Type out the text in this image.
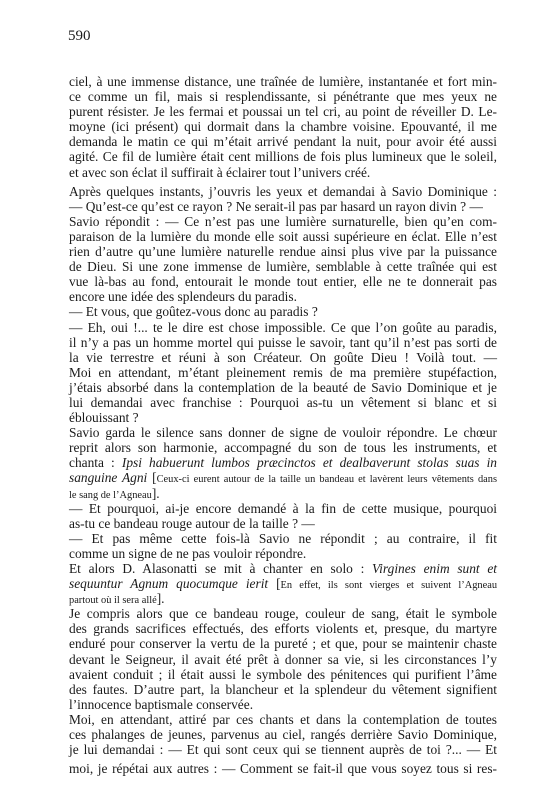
590
ciel, à une immense distance, une traînée de lumière, instantanée et fort min-
ce comme un fil, mais si resplendissante, si pénétrante que mes yeux ne
purent résister. Je les fermai et poussai un tel cri, au point de réveiller D. Le-
moyne (ici présent) qui dormait dans la chambre voisine. Epouvanté, il me
demanda le matin ce qui m’était arrivé pendant la nuit, pour avoir été aussi
agité. Ce fil de lumière était cent millions de fois plus lumineux que le soleil,
et avec son éclat il suffirait à éclairer tout l’univers créé.
Après quelques instants, j’ouvris les yeux et demandai à Savio Dominique :
— Qu’est-ce qu’est ce rayon ? Ne serait-il pas par hasard un rayon divin ? —
Savio répondit : — Ce n’est pas une lumière surnaturelle, bien qu’en com-
paraison de la lumière du monde elle soit aussi supérieure en éclat. Elle n’est
rien d’autre qu’une lumière naturelle rendue ainsi plus vive par la puissance
de Dieu. Si une zone immense de lumière, semblable à cette traînée qui est
vue là-bas au fond, entourait le monde tout entier, elle ne te donnerait pas
encore une idée des splendeurs du paradis.
— Et vous, que goûtez-vous donc au paradis ?
— Eh, oui !... te le dire est chose impossible. Ce que l’on goûte au paradis,
il n’y a pas un homme mortel qui puisse le savoir, tant qu’il n’est pas sorti de
la vie terrestre et réuni à son Créateur. On goûte Dieu ! Voilà tout. —
Moi en attendant, m’étant pleinement remis de ma première stupéfaction,
j’étais absorbé dans la contemplation de la beauté de Savio Dominique et je
lui demandai avec franchise : Pourquoi as-tu un vêtement si blanc et si
éblouissant ?
Savio garda le silence sans donner de signe de vouloir répondre. Le chœur
reprit alors son harmonie, accompagné du son de tous les instruments, et
chanta : Ipsi habuerunt lumbos præcinctos et dealbaverunt stolas suas in
sanguine Agni [Ceux-ci eurent autour de la taille un bandeau et lavèrent leurs vêtements dans
le sang de l’Agneau].
— Et pourquoi, ai-je encore demandé à la fin de cette musique, pourquoi
as-tu ce bandeau rouge autour de la taille ? —
— Et pas même cette fois-là Savio ne répondit ; au contraire, il fit
comme un signe de ne pas vouloir répondre.
Et alors D. Alasonatti se mit à chanter en solo : Virgines enim sunt et
sequuntur Agnum quocumque ierit [En effet, ils sont vierges et suivent l’Agneau
partout où il sera allé].
Je compris alors que ce bandeau rouge, couleur de sang, était le symbole
des grands sacrifices effectués, des efforts violents et, presque, du martyre
enduré pour conserver la vertu de la pureté ; et que, pour se maintenir chaste
devant le Seigneur, il avait été prêt à donner sa vie, si les circonstances l’y
avaient conduit ; il était aussi le symbole des pénitences qui purifient l’âme
des fautes. D’autre part, la blancheur et la splendeur du vêtement signifient
l’innocence baptismale conservée.
Moi, en attendant, attiré par ces chants et dans la contemplation de toutes
ces phalanges de jeunes, parvenus au ciel, rangés derrière Savio Dominique,
je lui demandai : — Et qui sont ceux qui se tiennent auprès de toi ?... — Et
moi, je répétai aux autres : — Comment se fait-il que vous soyez tous si res-
